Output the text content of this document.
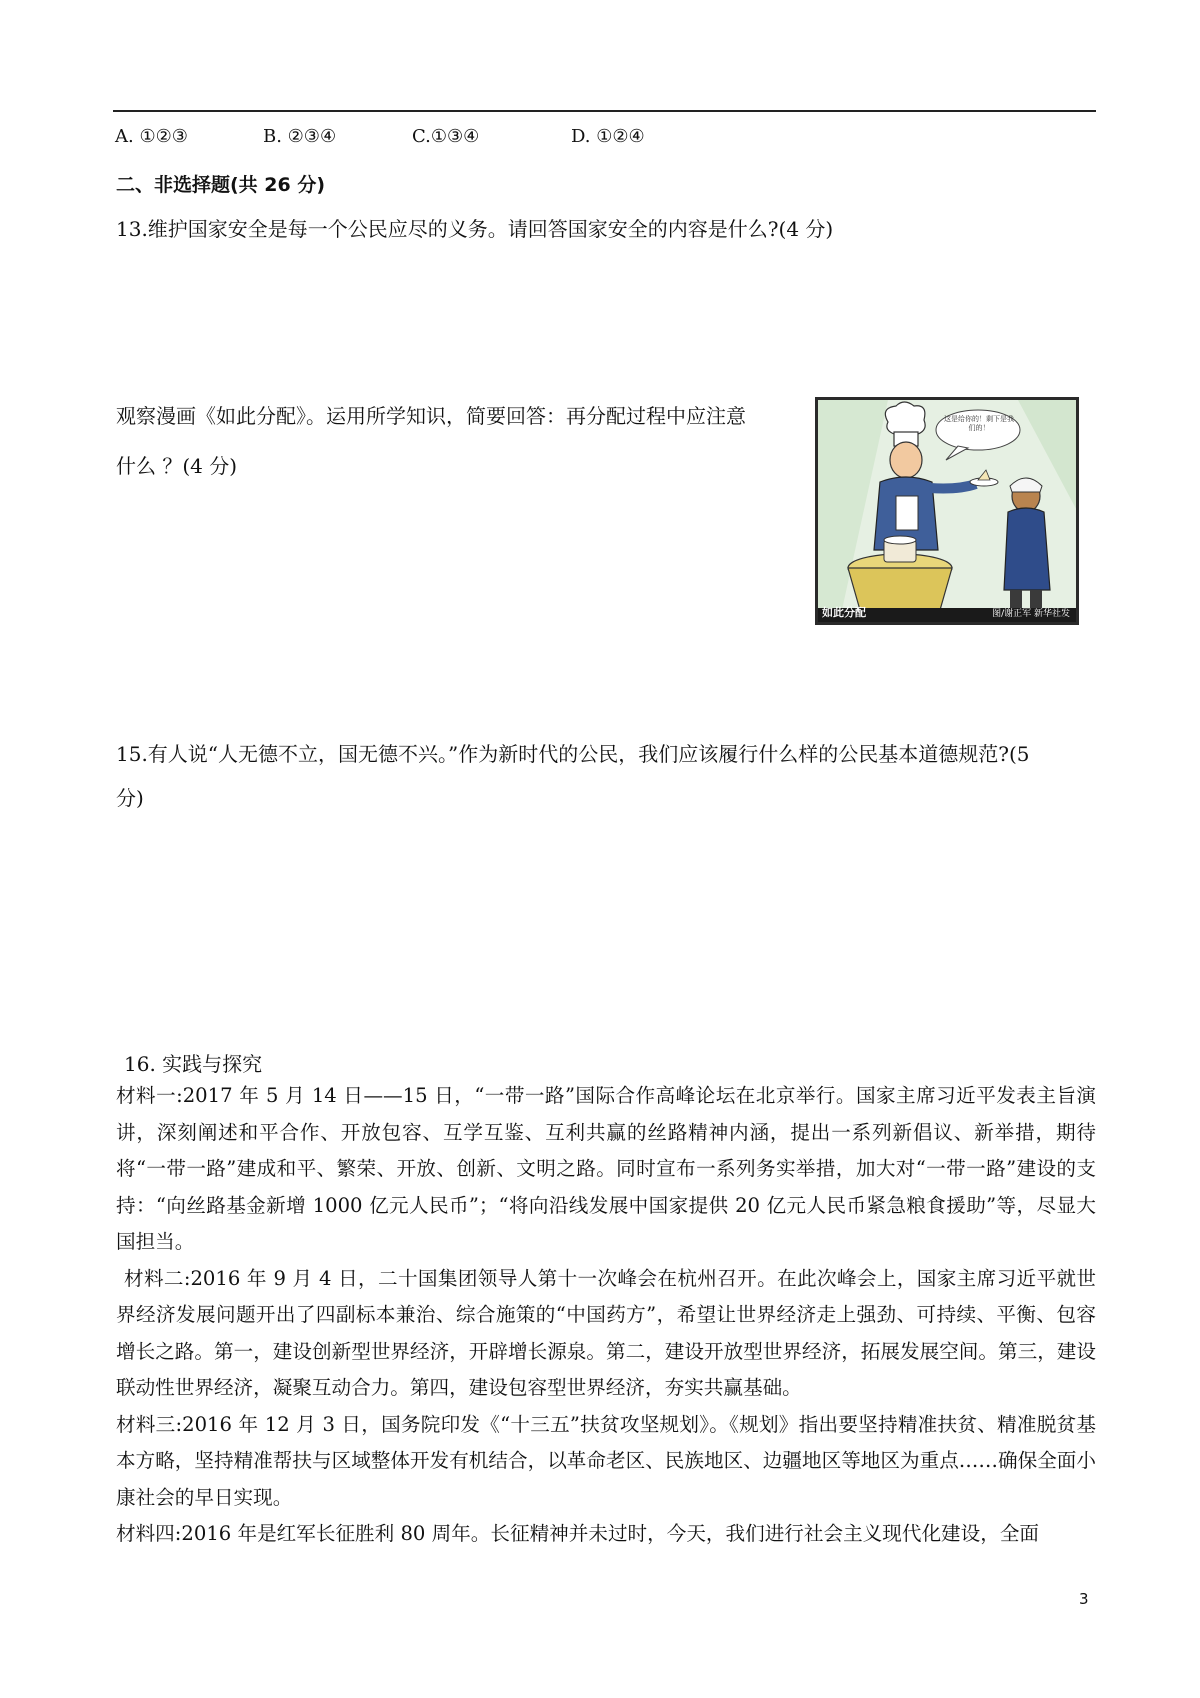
A. ①②③	B. ②③④	C.①③④	D. ①②④
二、非选择题(共 26 分)
13.维护国家安全是每一个公民应尽的义务。请回答国家安全的内容是什么?(4 分)
观察漫画《如此分配》。运用所学知识，简要回答：再分配过程中应注意
什么 ？(4 分)
这是给你的！剩下是我们的！
如此分配	图/谢正军 新华社发
15.有人说“人无德不立，国无德不兴。”作为新时代的公民，我们应该履行什么样的公民基本道德规范?(5
分)
16. 实践与探究

材料一:2017 年 5 月 14 日——15 日，“一带一路”国际合作高峰论坛在北京举行。国家主席习近平发表主旨演讲，深刻阐述和平合作、开放包容、互学互鉴、互利共赢的丝路精神内涵，提出一系列新倡议、新举措，期待将“一带一路”建成和平、繁荣、开放、创新、文明之路。同时宣布一系列务实举措，加大对“一带一路”建设的支持：“向丝路基金新增 1000 亿元人民币”；“将向沿线发展中国家提供 20 亿元人民币紧急粮食援助”等，尽显大国担当。

材料二:2016 年 9 月 4 日，二十国集团领导人第十一次峰会在杭州召开。在此次峰会上，国家主席习近平就世界经济发展问题开出了四副标本兼治、综合施策的“中国药方”，希望让世界经济走上强劲、可持续、平衡、包容增长之路。第一，建设创新型世界经济，开辟增长源泉。第二，建设开放型世界经济，拓展发展空间。第三，建设联动性世界经济，凝聚互动合力。第四，建设包容型世界经济，夯实共赢基础。

材料三:2016 年 12 月 3 日，国务院印发《“十三五”扶贫攻坚规划》。《规划》指出要坚持精准扶贫、精准脱贫基本方略，坚持精准帮扶与区域整体开发有机结合，以革命老区、民族地区、边疆地区等地区为重点……确保全面小康社会的早日实现。

材料四:2016 年是红军长征胜利 80 周年。长征精神并未过时，今天，我们进行社会主义现代化建设，全面

3
